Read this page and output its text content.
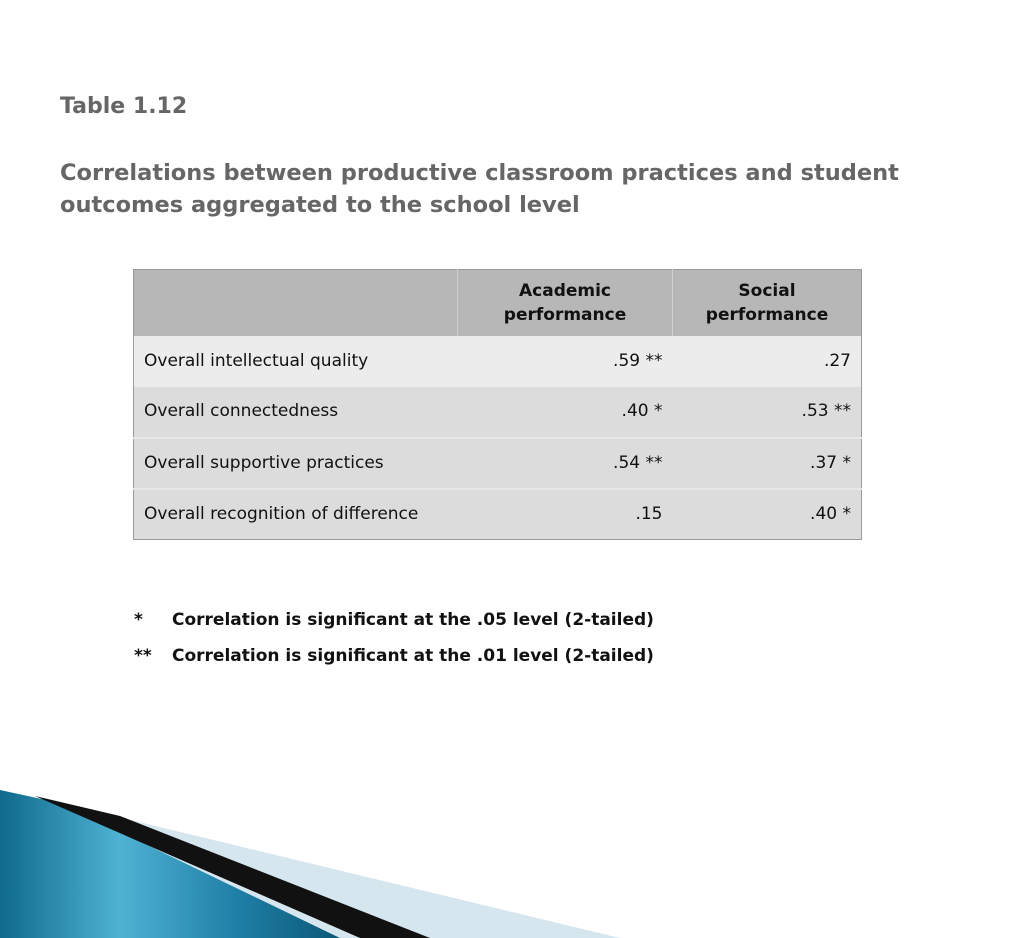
Table 1.12
Correlations between productive classroom practices and student outcomes aggregated to the school level
	Academic performance	Social performance
Overall intellectual quality	.59 **	.27
Overall connectedness	.40 *	.53 **
Overall supportive practices	.54 **	.37 *
Overall recognition of difference	.15	.40 *
*	Correlation is significant at the .05 level (2-tailed)
**	Correlation is significant at the .01 level (2-tailed)
